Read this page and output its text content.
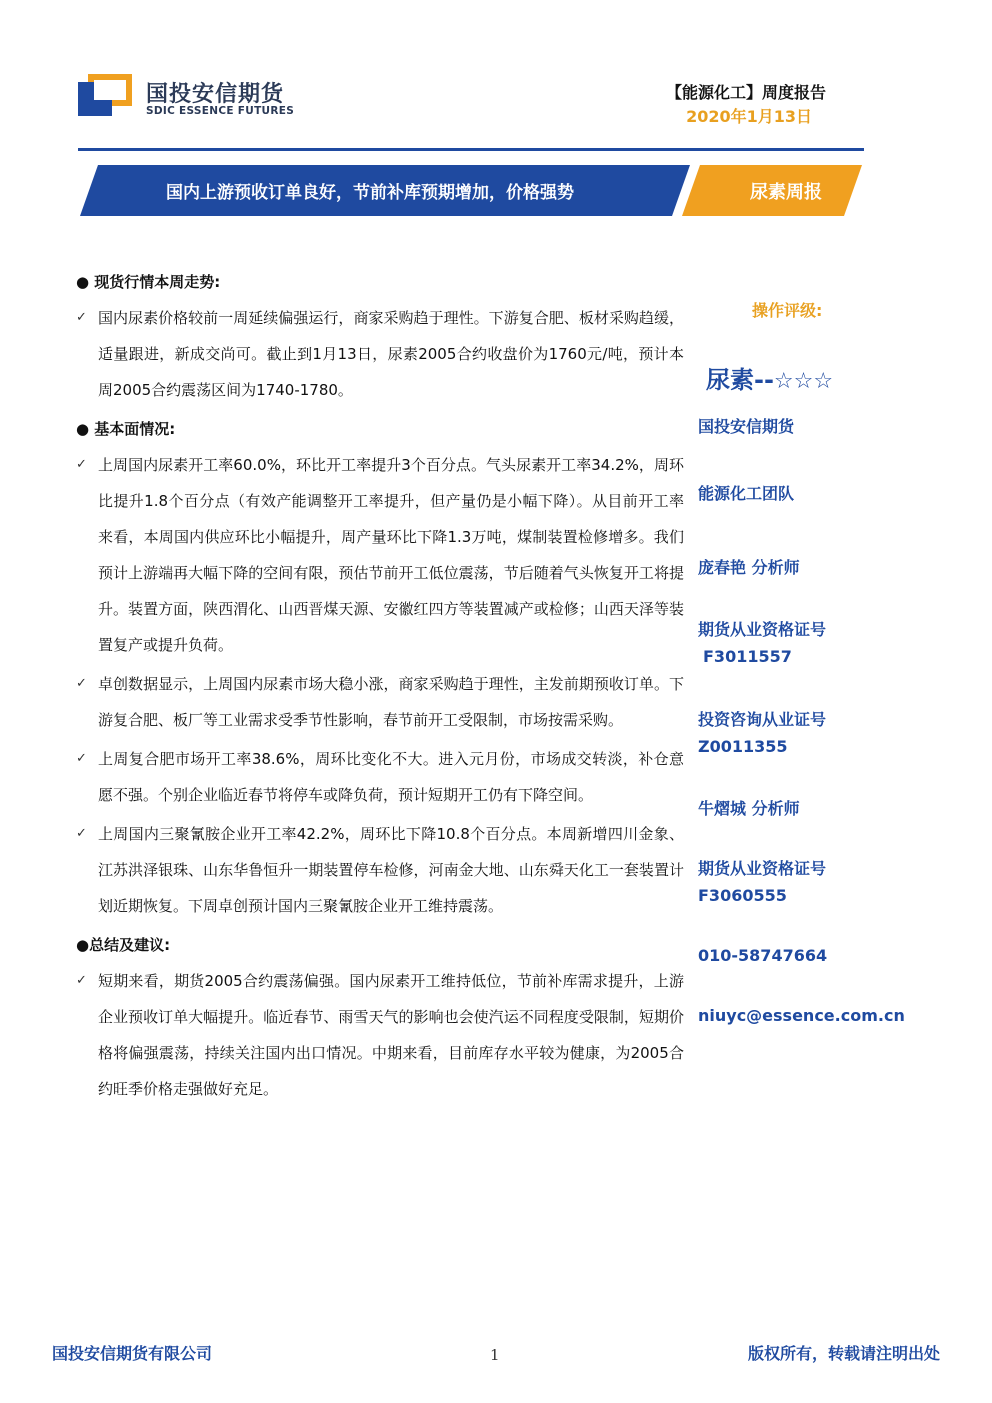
国投安信期货
SDIC ESSENCE FUTURES
【能源化工】周度报告
2020年1月13日
国内上游预收订单良好，节前补库预期增加，价格强势	尿素周报
● 现货行情本周走势:
✓ 国内尿素价格较前一周延续偏强运行，商家采购趋于理性。下游复合肥、板材采购趋缓，适量跟进，新成交尚可。截止到1月13日，尿素2005合约收盘价为1760元/吨，预计本周2005合约震荡区间为1740-1780。
● 基本面情况:
✓ 上周国内尿素开工率60.0%，环比开工率提升3个百分点。气头尿素开工率34.2%，周环比提升1.8个百分点（有效产能调整开工率提升，但产量仍是小幅下降）。从目前开工率来看，本周国内供应环比小幅提升，周产量环比下降1.3万吨，煤制装置检修增多。我们预计上游端再大幅下降的空间有限，预估节前开工低位震荡，节后随着气头恢复开工将提升。装置方面，陕西渭化、山西晋煤天源、安徽红四方等装置减产或检修；山西天泽等装置复产或提升负荷。
✓ 卓创数据显示，上周国内尿素市场大稳小涨，商家采购趋于理性，主发前期预收订单。下游复合肥、板厂等工业需求受季节性影响，春节前开工受限制，市场按需采购。
✓ 上周复合肥市场开工率38.6%，周环比变化不大。进入元月份，市场成交转淡，补仓意愿不强。个别企业临近春节将停车或降负荷，预计短期开工仍有下降空间。
✓ 上周国内三聚氰胺企业开工率42.2%，周环比下降10.8个百分点。本周新增四川金象、江苏洪泽银珠、山东华鲁恒升一期装置停车检修，河南金大地、山东舜天化工一套装置计划近期恢复。下周卓创预计国内三聚氰胺企业开工维持震荡。
●总结及建议:
✓ 短期来看，期货2005合约震荡偏强。国内尿素开工维持低位，节前补库需求提升，上游企业预收订单大幅提升。临近春节、雨雪天气的影响也会使汽运不同程度受限制，短期价格将偏强震荡，持续关注国内出口情况。中期来看，目前库存水平较为健康，为2005合约旺季价格走强做好充足。
操作评级:
尿素--☆☆☆
国投安信期货
能源化工团队
庞春艳 分析师
期货从业资格证号
F3011557
投资咨询从业证号
Z0011355
牛熠城 分析师
期货从业资格证号
F3060555
010-58747664
niuyc@essence.com.cn
国投安信期货有限公司	1	版权所有，转载请注明出处
